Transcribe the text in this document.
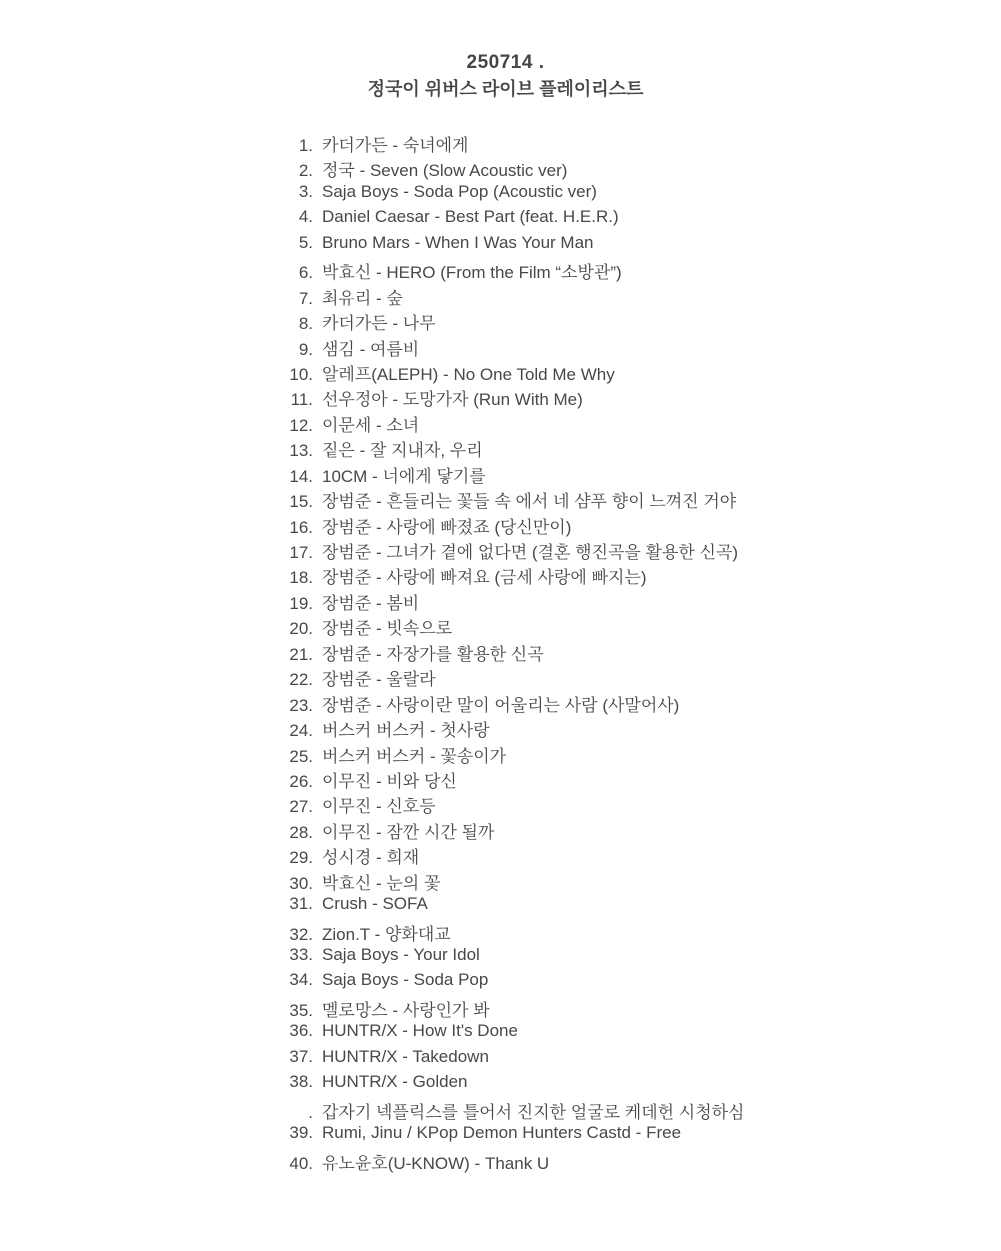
250714 .
정국이 위버스 라이브 플레이리스트
1. 카더가든 - 숙녀에게
2. 정국 - Seven (Slow Acoustic ver)
3. Saja Boys - Soda Pop (Acoustic ver)
4. Daniel Caesar - Best Part (feat. H.E.R.)
5. Bruno Mars - When I Was Your Man
6. 박효신 - HERO (From the Film “소방관”)
7. 최유리 - 숲
8. 카더가든 - 나무
9. 샘김 - 여름비
10. 알레프(ALEPH) - No One Told Me Why
11. 선우정아 - 도망가자 (Run With Me)
12. 이문세 - 소녀
13. 짙은 - 잘 지내자, 우리
14. 10CM - 너에게 닿기를
15. 장범준 - 흔들리는 꽃들 속 에서 네 샴푸 향이 느껴진 거야
16. 장범준 - 사랑에 빠졌죠 (당신만이)
17. 장범준 - 그녀가 곁에 없다면 (결혼 행진곡을 활용한 신곡)
18. 장범준 - 사랑에 빠져요 (금세 사랑에 빠지는)
19. 장범준 - 봄비
20. 장범준 - 빗속으로
21. 장범준 - 자장가를 활용한 신곡
22. 장범준 - 울랄라
23. 장범준 - 사랑이란 말이 어울리는 사람 (사말어사)
24. 버스커 버스커 - 첫사랑
25. 버스커 버스커 - 꽃송이가
26. 이무진 - 비와 당신
27. 이무진 - 신호등
28. 이무진 - 잠깐 시간 될까
29. 성시경 - 희재
30. 박효신 - 눈의 꽃
31. Crush - SOFA
32. Zion.T - 양화대교
33. Saja Boys - Your Idol
34. Saja Boys - Soda Pop
35. 멜로망스 - 사랑인가 봐
36. HUNTR/X - How It's Done
37. HUNTR/X - Takedown
38. HUNTR/X - Golden
. 갑자기 넥플릭스를 틀어서 진지한 얼굴로 케데헌 시청하심
39. Rumi, Jinu / KPop Demon Hunters Castd - Free
40. 유노윤호(U-KNOW) - Thank U
